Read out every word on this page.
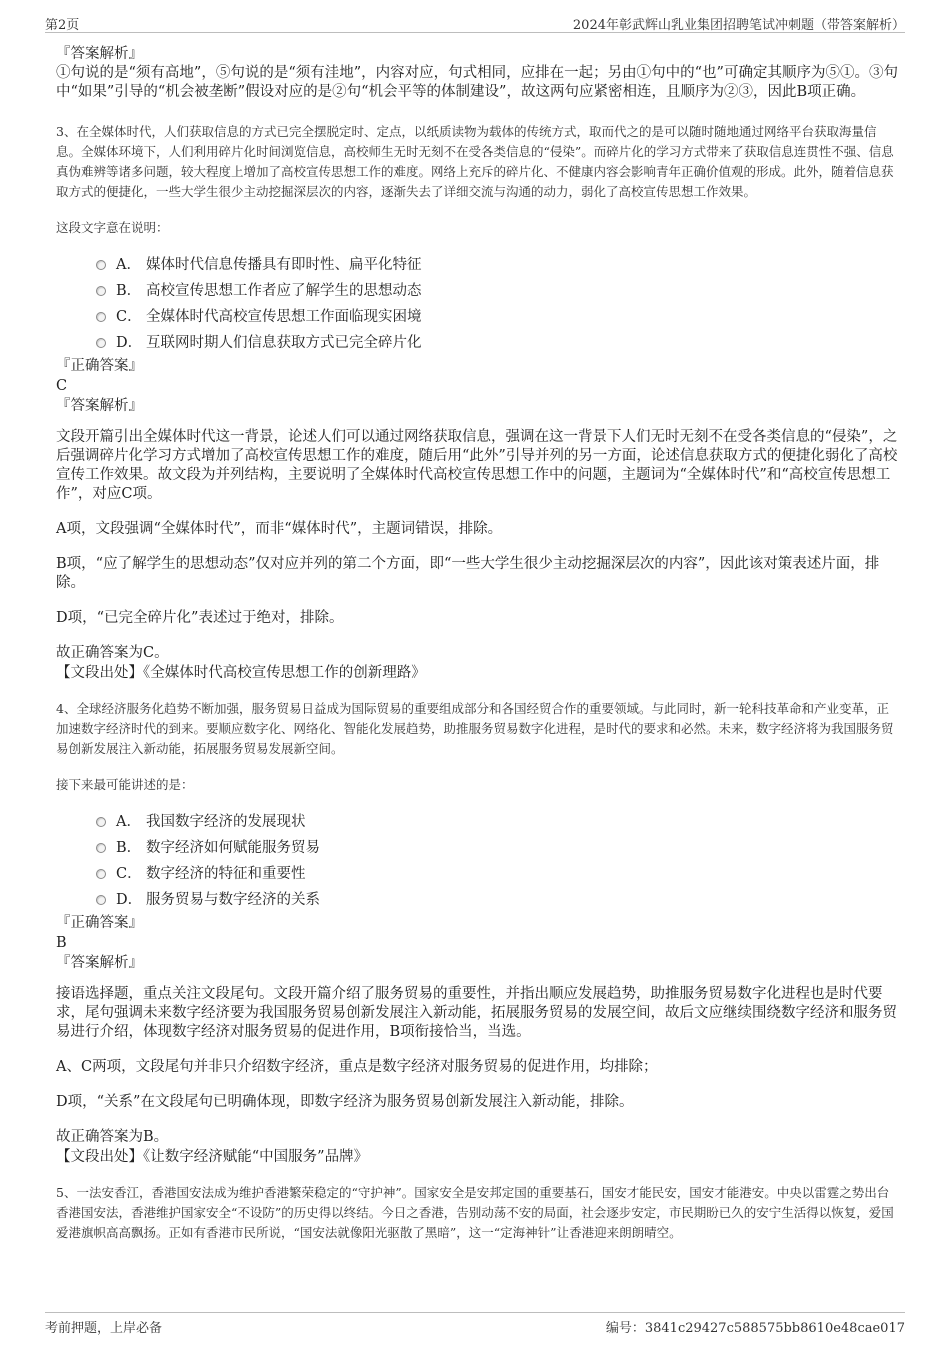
第2页	2024年彰武辉山乳业集团招聘笔试冲刺题（带答案解析）

『答案解析』

①句说的是“须有高地”，⑤句说的是“须有洼地”，内容对应，句式相同，应排在一起；另由①句中的“也”可确定其顺序为⑤①。③句中“如果”引导的“机会被垄断”假设对应的是②句“机会平等的体制建设”，故这两句应紧密相连，且顺序为②③，因此B项正确。

3、在全媒体时代，人们获取信息的方式已完全摆脱定时、定点，以纸质读物为载体的传统方式，取而代之的是可以随时随地通过网络平台获取海量信息。全媒体环境下，人们利用碎片化时间浏览信息，高校师生无时无刻不在受各类信息的“侵染”。而碎片化的学习方式带来了获取信息连贯性不强、信息真伪难辨等诸多问题，较大程度上增加了高校宣传思想工作的难度。网络上充斥的碎片化、不健康内容会影响青年正确价值观的形成。此外，随着信息获取方式的便捷化，一些大学生很少主动挖掘深层次的内容，逐渐失去了详细交流与沟通的动力，弱化了高校宣传思想工作效果。

这段文字意在说明：

A． 媒体时代信息传播具有即时性、扁平化特征
B． 高校宣传思想工作者应了解学生的思想动态
C． 全媒体时代高校宣传思想工作面临现实困境
D． 互联网时期人们信息获取方式已完全碎片化

『正确答案』

C

『答案解析』

文段开篇引出全媒体时代这一背景，论述人们可以通过网络获取信息，强调在这一背景下人们无时无刻不在受各类信息的“侵染”，之后强调碎片化学习方式增加了高校宣传思想工作的难度，随后用“此外”引导并列的另一方面，论述信息获取方式的便捷化弱化了高校宣传工作效果。故文段为并列结构，主要说明了全媒体时代高校宣传思想工作中的问题，主题词为“全媒体时代”和“高校宣传思想工作”，对应C项。

A项，文段强调“全媒体时代”，而非“媒体时代”，主题词错误，排除。

B项，“应了解学生的思想动态”仅对应并列的第二个方面，即“一些大学生很少主动挖掘深层次的内容”，因此该对策表述片面，排除。

D项，“已完全碎片化”表述过于绝对，排除。

故正确答案为C。

【文段出处】《全媒体时代高校宣传思想工作的创新理路》

4、全球经济服务化趋势不断加强，服务贸易日益成为国际贸易的重要组成部分和各国经贸合作的重要领域。与此同时，新一轮科技革命和产业变革，正加速数字经济时代的到来。要顺应数字化、网络化、智能化发展趋势，助推服务贸易数字化进程，是时代的要求和必然。未来，数字经济将为我国服务贸易创新发展注入新动能，拓展服务贸易发展新空间。

接下来最可能讲述的是：

A． 我国数字经济的发展现状
B． 数字经济如何赋能服务贸易
C． 数字经济的特征和重要性
D． 服务贸易与数字经济的关系

『正确答案』

B

『答案解析』

接语选择题，重点关注文段尾句。文段开篇介绍了服务贸易的重要性，并指出顺应发展趋势，助推服务贸易数字化进程也是时代要求，尾句强调未来数字经济要为我国服务贸易创新发展注入新动能，拓展服务贸易的发展空间，故后文应继续围绕数字经济和服务贸易进行介绍，体现数字经济对服务贸易的促进作用，B项衔接恰当，当选。

A、C两项，文段尾句并非只介绍数字经济，重点是数字经济对服务贸易的促进作用，均排除；

D项，“关系”在文段尾句已明确体现，即数字经济为服务贸易创新发展注入新动能，排除。

故正确答案为B。

【文段出处】《让数字经济赋能“中国服务”品牌》

5、一法安香江，香港国安法成为维护香港繁荣稳定的“守护神”。国家安全是安邦定国的重要基石，国安才能民安，国安才能港安。中央以雷霆之势出台香港国安法，香港维护国家安全“不设防”的历史得以终结。今日之香港，告别动荡不安的局面，社会逐步安定，市民期盼已久的安宁生活得以恢复，爱国爱港旗帜高高飘扬。正如有香港市民所说，“国安法就像阳光驱散了黑暗”，这一“定海神针”让香港迎来朗朗晴空。

考前押题，上岸必备	编号：3841c29427c588575bb8610e48cae017
